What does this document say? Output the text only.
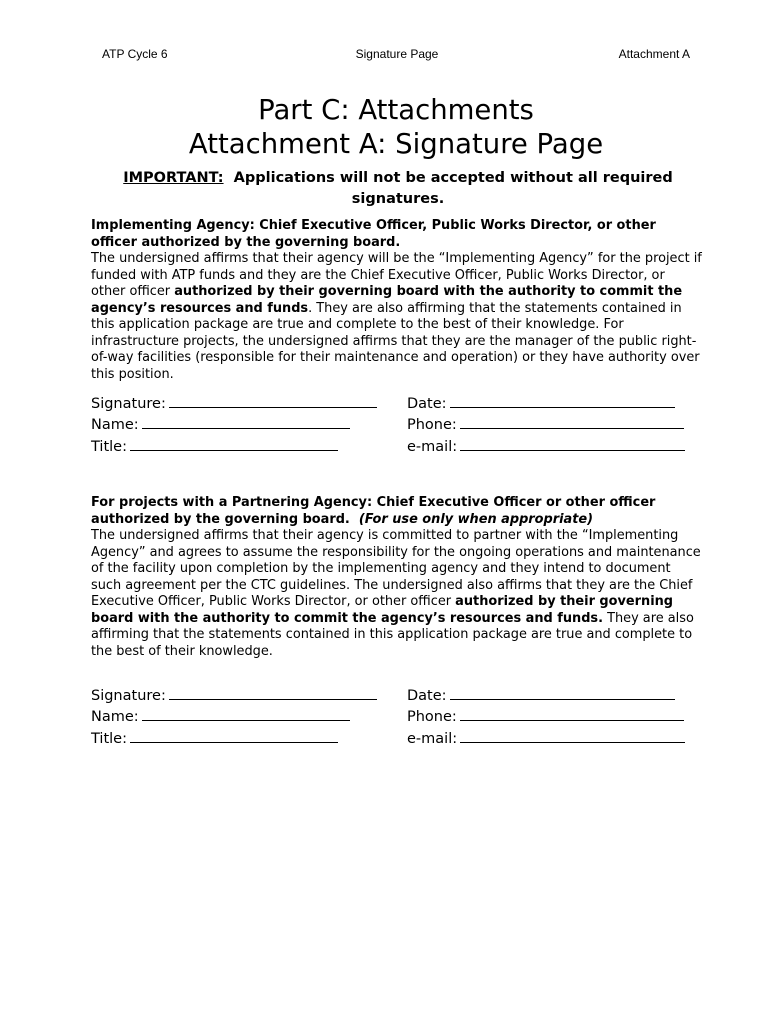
ATP Cycle 6	Signature Page	Attachment A
Part C: Attachments
Attachment A: Signature Page
IMPORTANT: Applications will not be accepted without all required signatures.

Implementing Agency: Chief Executive Officer, Public Works Director, or other officer authorized by the governing board.

The undersigned affirms that their agency will be the “Implementing Agency” for the project if funded with ATP funds and they are the Chief Executive Officer, Public Works Director, or other officer authorized by their governing board with the authority to commit the agency’s resources and funds. They are also affirming that the statements contained in this application package are true and complete to the best of their knowledge. For infrastructure projects, the undersigned affirms that they are the manager of the public right-of-way facilities (responsible for their maintenance and operation) or they have authority over this position.

Signature:	Date:
Name:	Phone:
Title:	e-mail:

For projects with a Partnering Agency: Chief Executive Officer or other officer authorized by the governing board. (For use only when appropriate)

The undersigned affirms that their agency is committed to partner with the “Implementing Agency” and agrees to assume the responsibility for the ongoing operations and maintenance of the facility upon completion by the implementing agency and they intend to document such agreement per the CTC guidelines. The undersigned also affirms that they are the Chief Executive Officer, Public Works Director, or other officer authorized by their governing board with the authority to commit the agency’s resources and funds. They are also affirming that the statements contained in this application package are true and complete to the best of their knowledge.

Signature:	Date:
Name:	Phone:
Title:	e-mail:
